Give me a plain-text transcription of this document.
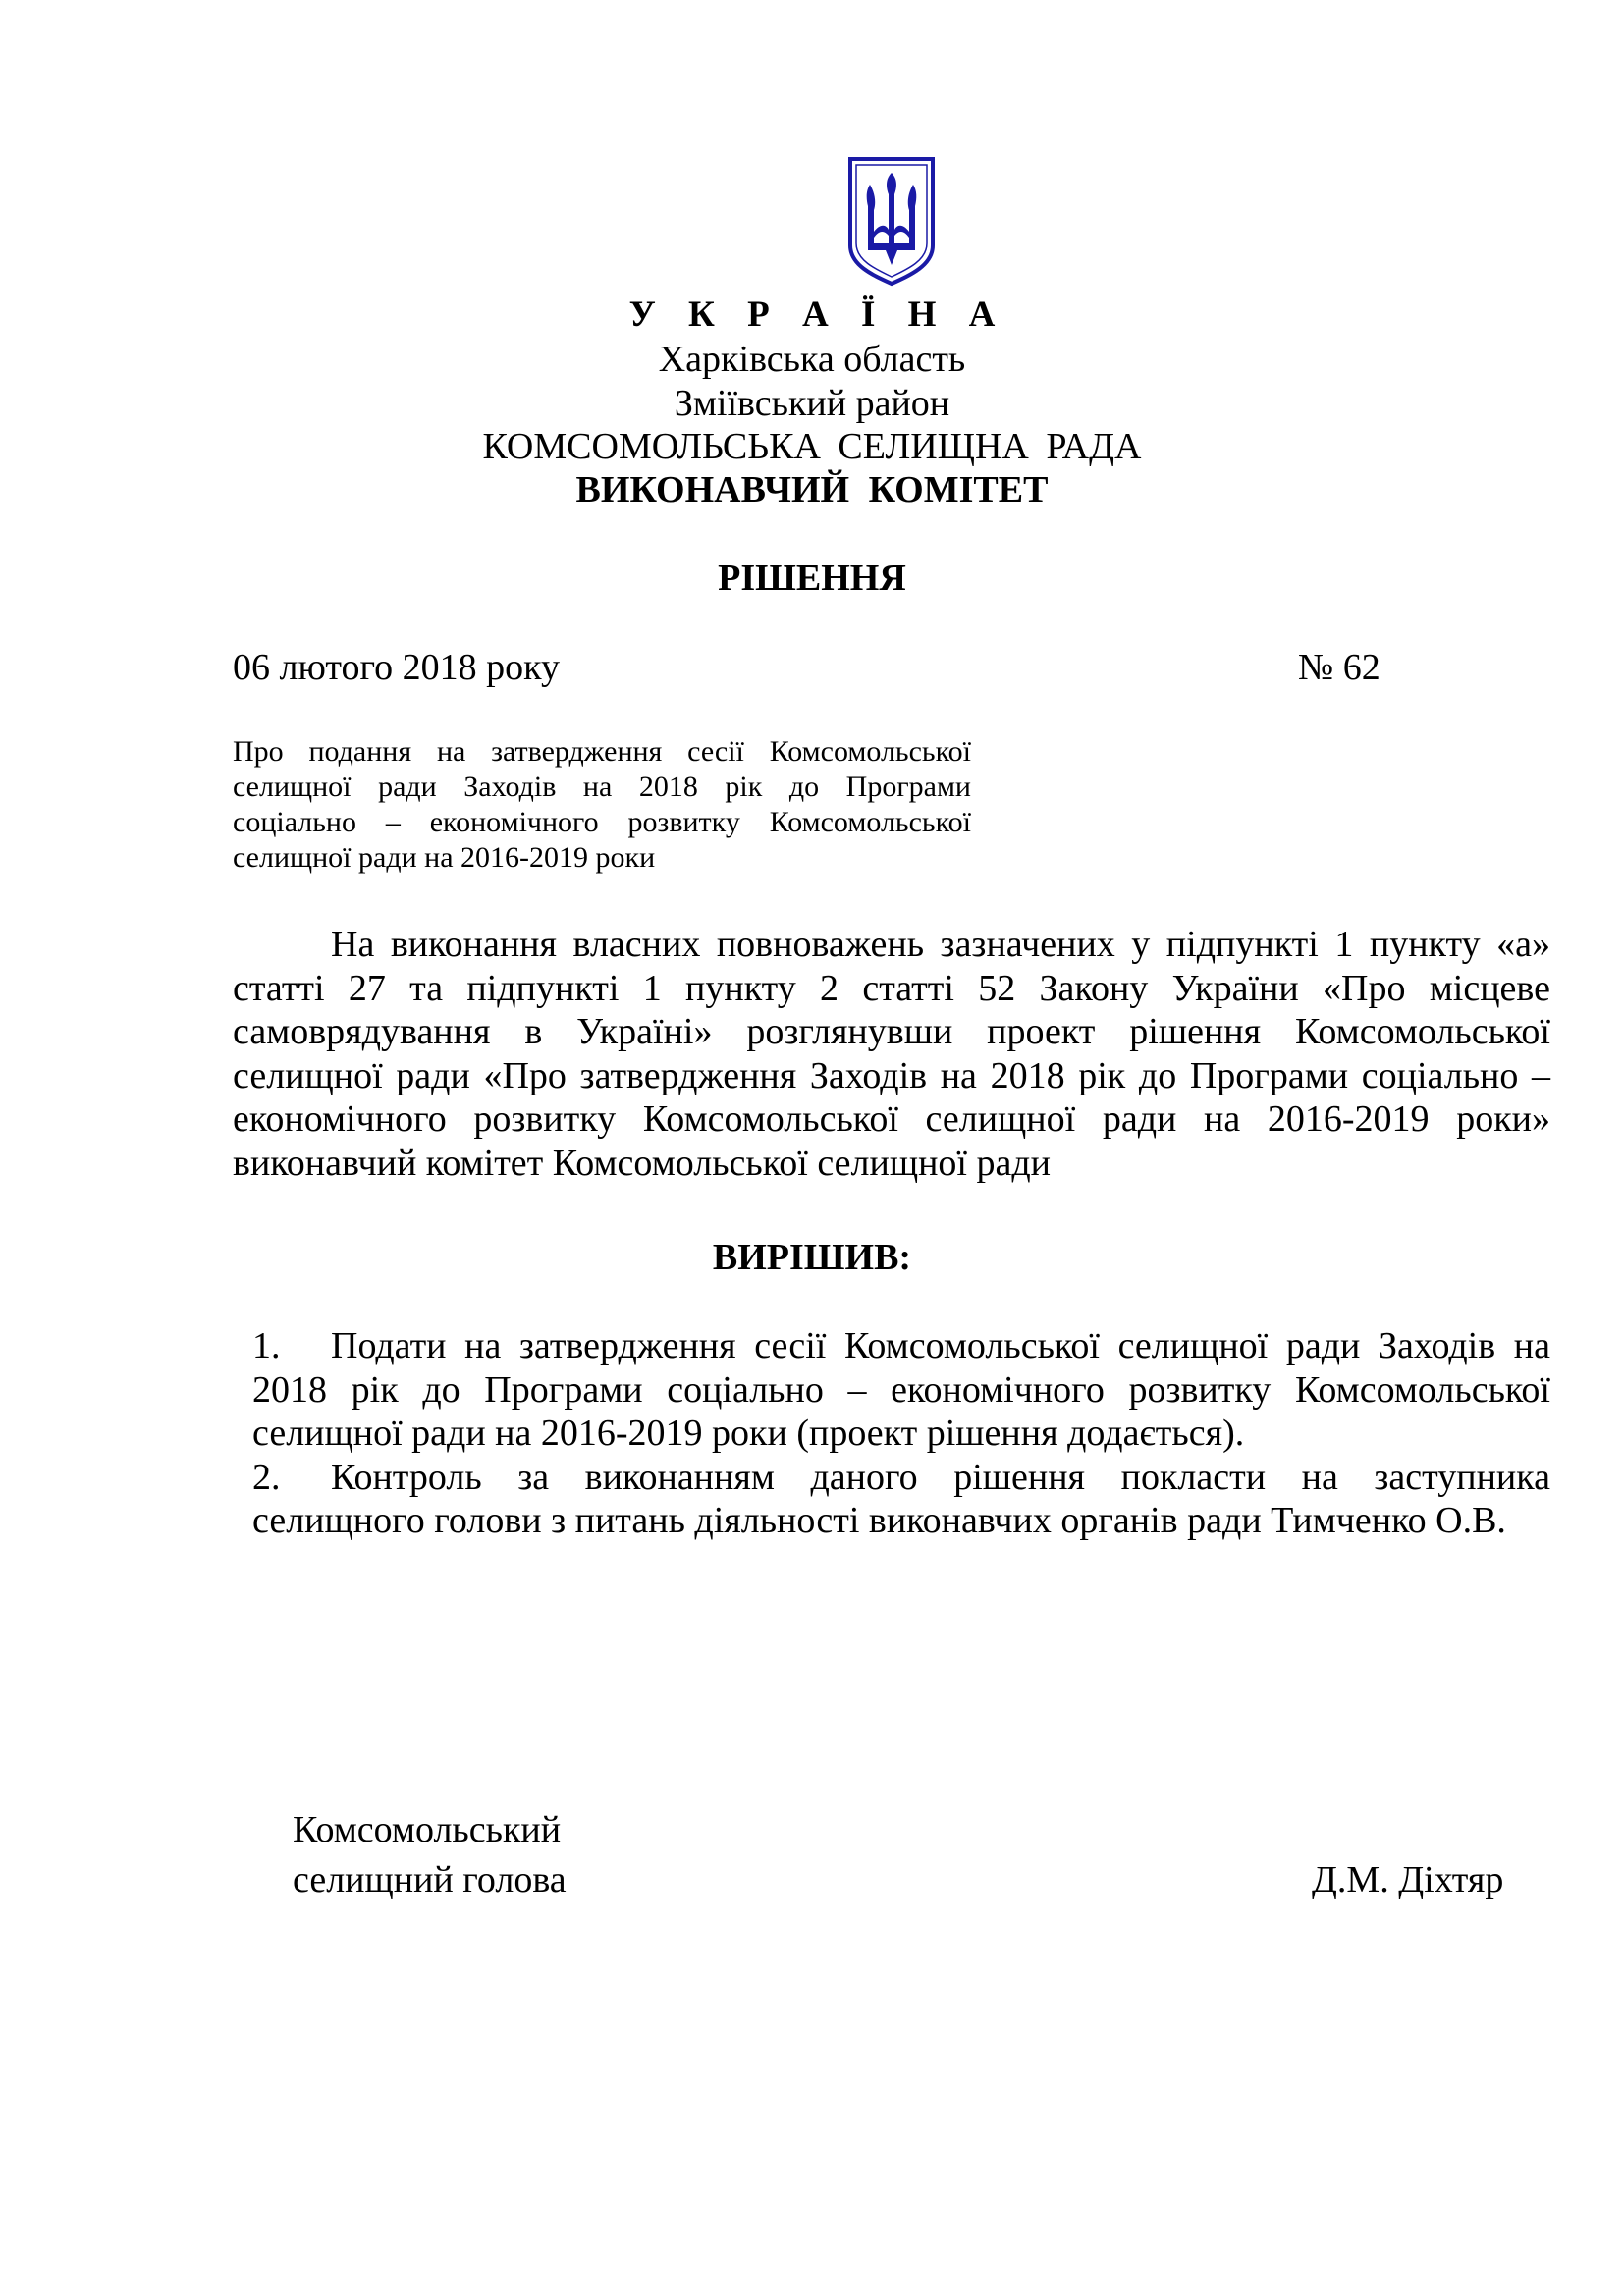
У К Р А Ї Н А
Харківська область
Зміївський район
КОМСОМОЛЬСЬКА СЕЛИЩНА РАДА
ВИКОНАВЧИЙ КОМІТЕТ
РІШЕННЯ
06 лютого 2018 року	№ 62
Про подання на затвердження сесії Комсомольської
селищної ради Заходів на 2018 рік до Програми
соціально – економічного розвитку Комсомольської
селищної ради на 2016-2019 роки
На виконання власних повноважень зазначених у підпункті 1 пункту «а»
статті 27 та підпункті 1 пункту 2 статті 52 Закону України «Про місцеве
самоврядування в Україні» розглянувши проект рішення Комсомольської
селищної ради «Про затвердження Заходів на 2018 рік до Програми соціально –
економічного розвитку Комсомольської селищної ради на 2016-2019 роки»
виконавчий комітет Комсомольської селищної ради
ВИРІШИВ:
1. Подати на затвердження сесії Комсомольської селищної ради Заходів на
2018 рік до Програми соціально – економічного розвитку Комсомольської
селищної ради на 2016-2019 роки (проект рішення додається).
2. Контроль за виконанням даного рішення покласти на заступника
селищного голови з питань діяльності виконавчих органів ради Тимченко О.В.
Комсомольський
селищний голова	Д.М. Діхтяр
